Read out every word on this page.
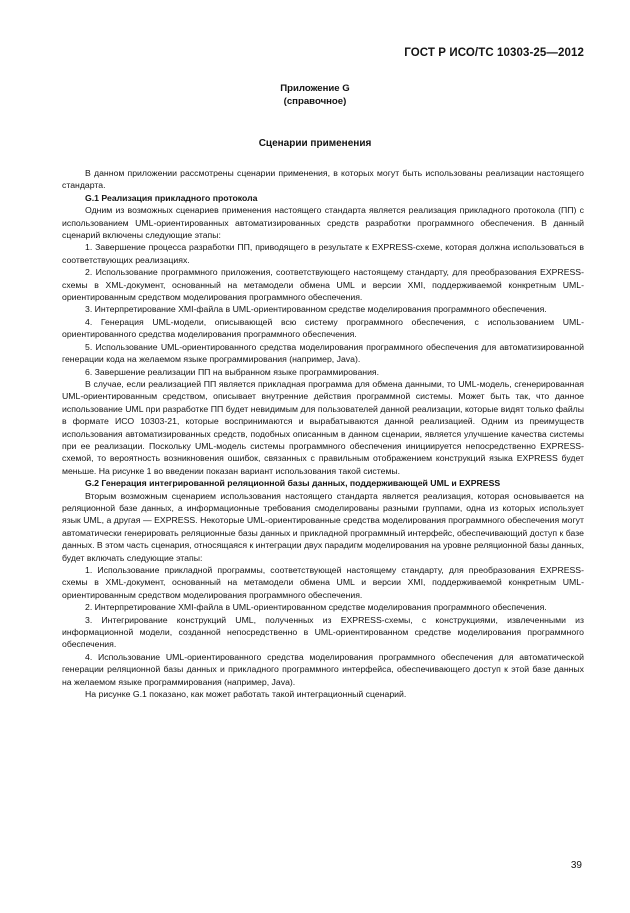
ГОСТ Р ИСО/ТС 10303-25—2012
Приложение G
(справочное)
Сценарии применения

В данном приложении рассмотрены сценарии применения, в которых могут быть использованы реализации настоящего стандарта.

G.1 Реализация прикладного протокола

Одним из возможных сценариев применения настоящего стандарта является реализация прикладного протокола (ПП) с использованием UML-ориентированных автоматизированных средств разработки программного обеспечения. В данный сценарий включены следующие этапы:

1. Завершение процесса разработки ПП, приводящего в результате к EXPRESS-схеме, которая должна использоваться в соответствующих реализациях.

2. Использование программного приложения, соответствующего настоящему стандарту, для преобразования EXPRESS-схемы в XML-документ, основанный на метамодели обмена UML и версии XMI, поддерживаемой конкретным UML-ориентированным средством моделирования программного обеспечения.

3. Интерпретирование XMI-файла в UML-ориентированном средстве моделирования программного обеспечения.

4. Генерация UML-модели, описывающей всю систему программного обеспечения, с использованием UML-ориентированного средства моделирования программного обеспечения.

5. Использование UML-ориентированного средства моделирования программного обеспечения для автоматизированной генерации кода на желаемом языке программирования (например, Java).

6. Завершение реализации ПП на выбранном языке программирования.

В случае, если реализацией ПП является прикладная программа для обмена данными, то UML-модель, сгенерированная UML-ориентированным средством, описывает внутренние действия программной системы. Может быть так, что данное использование UML при разработке ПП будет невидимым для пользователей данной реализации, которые видят только файлы в формате ИСО 10303-21, которые воспринимаются и вырабатываются данной реализацией. Одним из преимуществ использования автоматизированных средств, подобных описанным в данном сценарии, является улучшение качества системы при ее реализации. Поскольку UML-модель системы программного обеспечения инициируется непосредственно EXPRESS-схемой, то вероятность возникновения ошибок, связанных с правильным отображением конструкций языка EXPRESS будет меньше. На рисунке 1 во введении показан вариант использования такой системы.

G.2 Генерация интегрированной реляционной базы данных, поддерживающей UML и EXPRESS

Вторым возможным сценарием использования настоящего стандарта является реализация, которая основывается на реляционной базе данных, а информационные требования смоделированы разными группами, одна из которых использует язык UML, а другая — EXPRESS. Некоторые UML-ориентированные средства моделирования программного обеспечения могут автоматически генерировать реляционные базы данных и прикладной программный интерфейс, обеспечивающий доступ к базе данных. В этом часть сценария, относящаяся к интеграции двух парадигм моделирования на уровне реляционной базы данных, будет включать следующие этапы:

1. Использование прикладной программы, соответствующей настоящему стандарту, для преобразования EXPRESS-схемы в XML-документ, основанный на метамодели обмена UML и версии XMI, поддерживаемой конкретным UML-ориентированным средством моделирования программного обеспечения.

2. Интерпретирование XMI-файла в UML-ориентированном средстве моделирования программного обеспечения.

3. Интегрирование конструкций UML, полученных из EXPRESS-схемы, с конструкциями, извлеченными из информационной модели, созданной непосредственно в UML-ориентированном средстве моделирования программного обеспечения.

4. Использование UML-ориентированного средства моделирования программного обеспечения для автоматической генерации реляционной базы данных и прикладного программного интерфейса, обеспечивающего доступ к этой базе данных на желаемом языке программирования (например, Java).

На рисунке G.1 показано, как может работать такой интеграционный сценарий.

39
